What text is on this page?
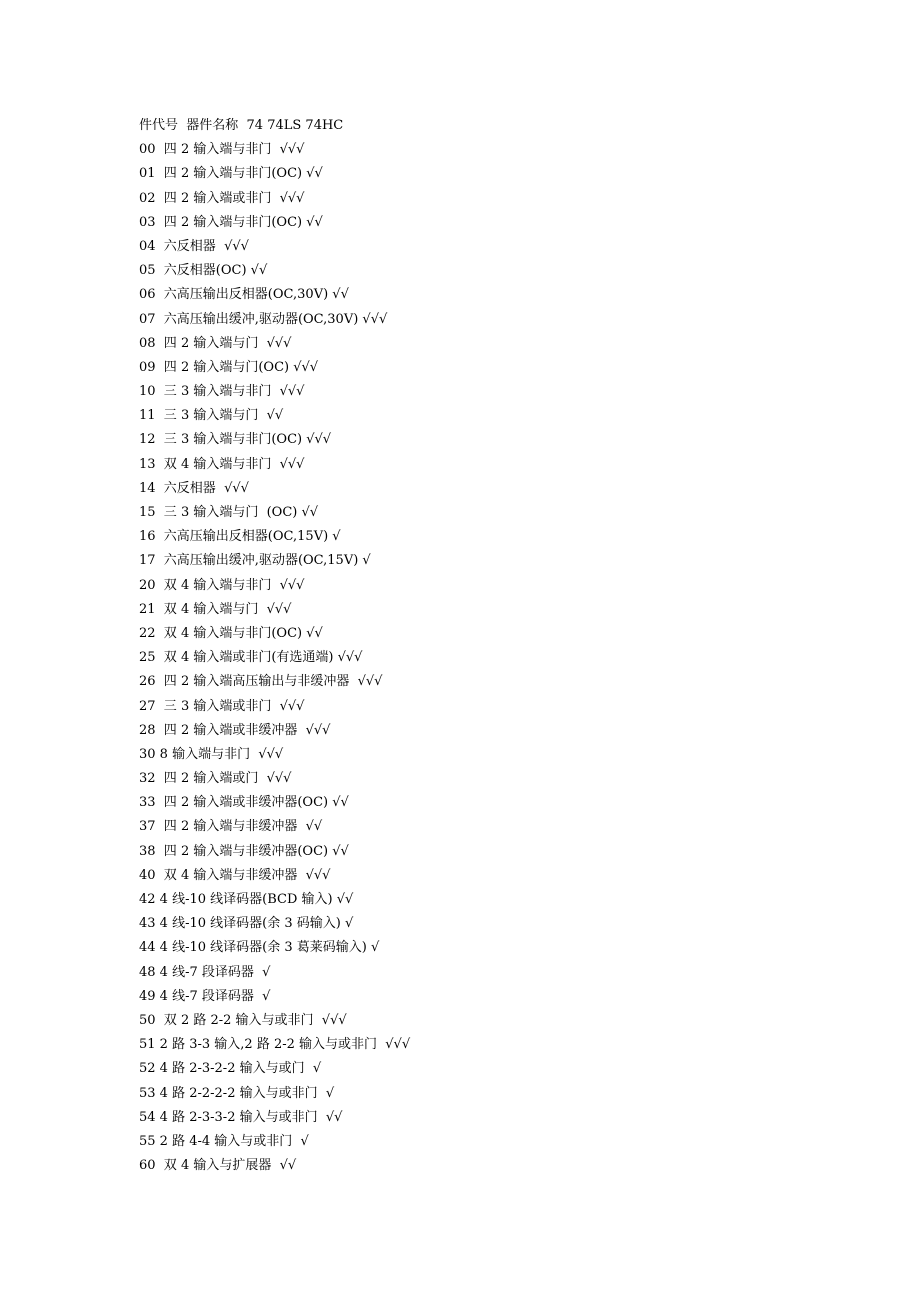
件代号  器件名称  74 74LS 74HC
00  四 2 输入端与非门  √√√
01  四 2 输入端与非门(OC) √√
02  四 2 输入端或非门  √√√
03  四 2 输入端与非门(OC) √√
04  六反相器  √√√
05  六反相器(OC) √√
06  六高压输出反相器(OC,30V) √√
07  六高压输出缓冲,驱动器(OC,30V) √√√
08  四 2 输入端与门  √√√
09  四 2 输入端与门(OC) √√√
10  三 3 输入端与非门  √√√
11  三 3 输入端与门  √√
12  三 3 输入端与非门(OC) √√√
13  双 4 输入端与非门  √√√
14  六反相器  √√√
15  三 3 输入端与门  (OC) √√
16  六高压输出反相器(OC,15V) √
17  六高压输出缓冲,驱动器(OC,15V) √
20  双 4 输入端与非门  √√√
21  双 4 输入端与门  √√√
22  双 4 输入端与非门(OC) √√
25  双 4 输入端或非门(有选通端) √√√
26  四 2 输入端高压输出与非缓冲器  √√√
27  三 3 输入端或非门  √√√
28  四 2 输入端或非缓冲器  √√√
30 8 输入端与非门  √√√
32  四 2 输入端或门  √√√
33  四 2 输入端或非缓冲器(OC) √√
37  四 2 输入端与非缓冲器  √√
38  四 2 输入端与非缓冲器(OC) √√
40  双 4 输入端与非缓冲器  √√√
42 4 线-10 线译码器(BCD 输入) √√
43 4 线-10 线译码器(余 3 码输入) √
44 4 线-10 线译码器(余 3 葛莱码输入) √
48 4 线-7 段译码器  √
49 4 线-7 段译码器  √
50  双 2 路 2-2 输入与或非门  √√√
51 2 路 3-3 输入,2 路 2-2 输入与或非门  √√√
52 4 路 2-3-2-2 输入与或门  √
53 4 路 2-2-2-2 输入与或非门  √
54 4 路 2-3-3-2 输入与或非门  √√
55 2 路 4-4 输入与或非门  √
60  双 4 输入与扩展器  √√
